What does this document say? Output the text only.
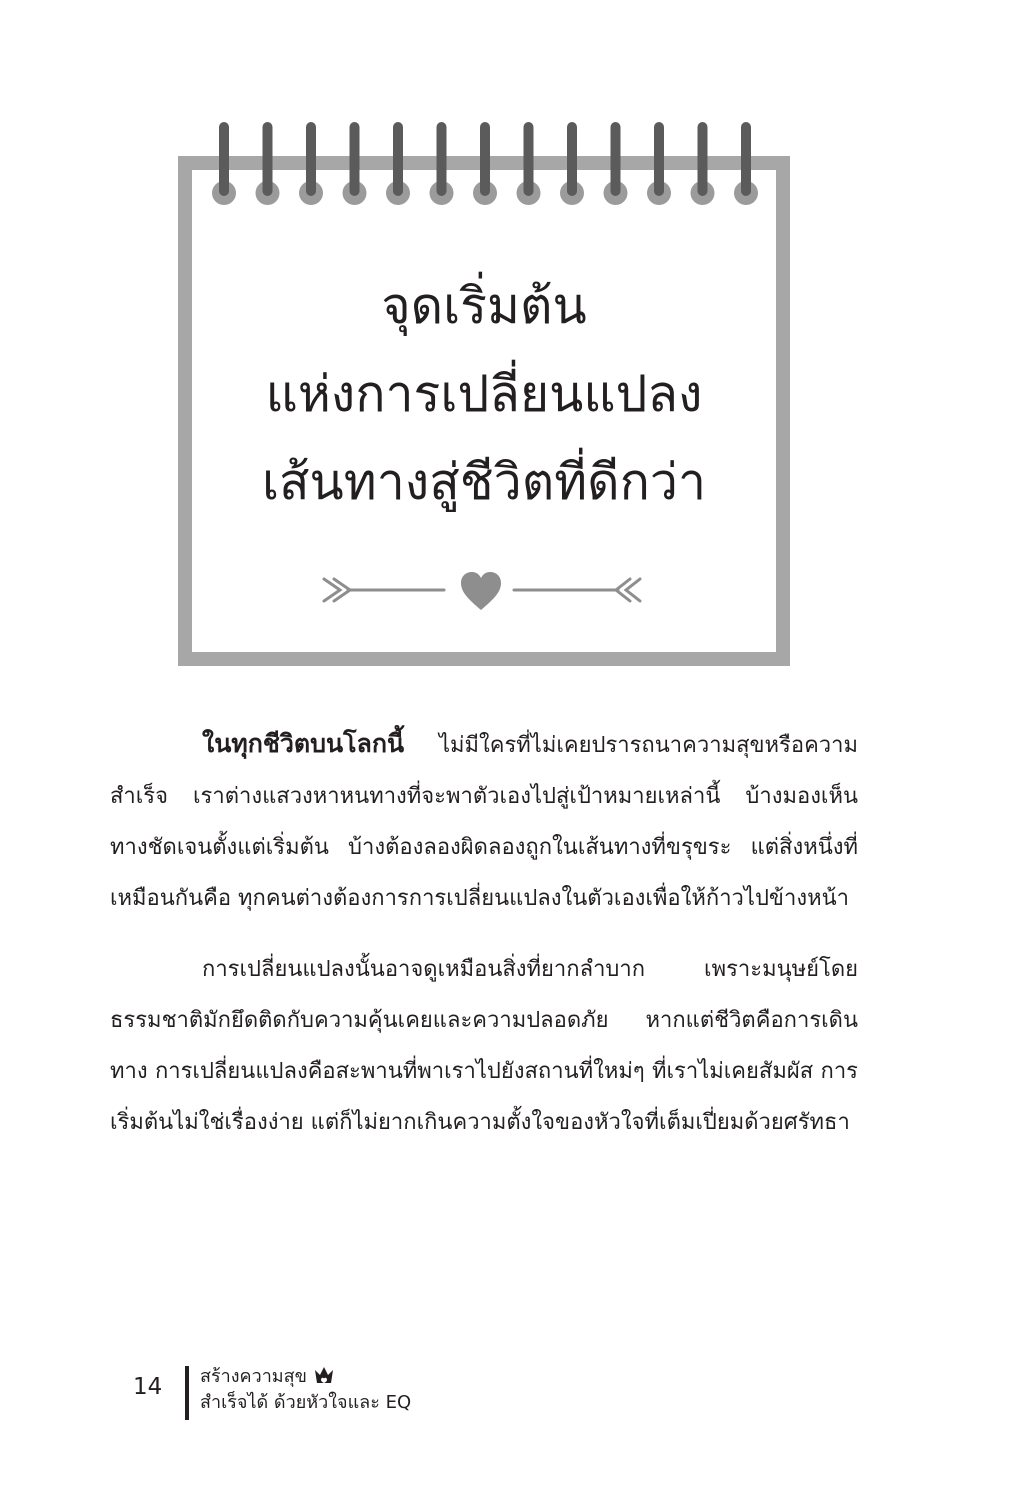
จุดเริ่มต้น
แห่งการเปลี่ยนแปลง
เส้นทางสู่ชีวิตที่ดีกว่า

ในทุกชีวิตบนโลกนี้ ไม่มีใครที่ไม่เคยปรารถนาความสุขหรือความสำเร็จ เราต่างแสวงหาหนทางที่จะพาตัวเองไปสู่เป้าหมายเหล่านี้ บ้างมองเห็นทางชัดเจนตั้งแต่เริ่มต้น บ้างต้องลองผิดลองถูกในเส้นทางที่ขรุขระ แต่สิ่งหนึ่งที่เหมือนกันคือ ทุกคนต่างต้องการการเปลี่ยนแปลงในตัวเองเพื่อให้ก้าวไปข้างหน้า

การเปลี่ยนแปลงนั้นอาจดูเหมือนสิ่งที่ยากลำบาก เพราะมนุษย์โดยธรรมชาติมักยึดติดกับความคุ้นเคยและความปลอดภัย หากแต่ชีวิตคือการเดินทาง การเปลี่ยนแปลงคือสะพานที่พาเราไปยังสถานที่ใหม่ๆ ที่เราไม่เคยสัมผัส การเริ่มต้นไม่ใช่เรื่องง่าย แต่ก็ไม่ยากเกินความตั้งใจของหัวใจที่เต็มเปี่ยมด้วยศรัทธา

14 สร้างความสุข
สำเร็จได้ ด้วยหัวใจและ EQ
